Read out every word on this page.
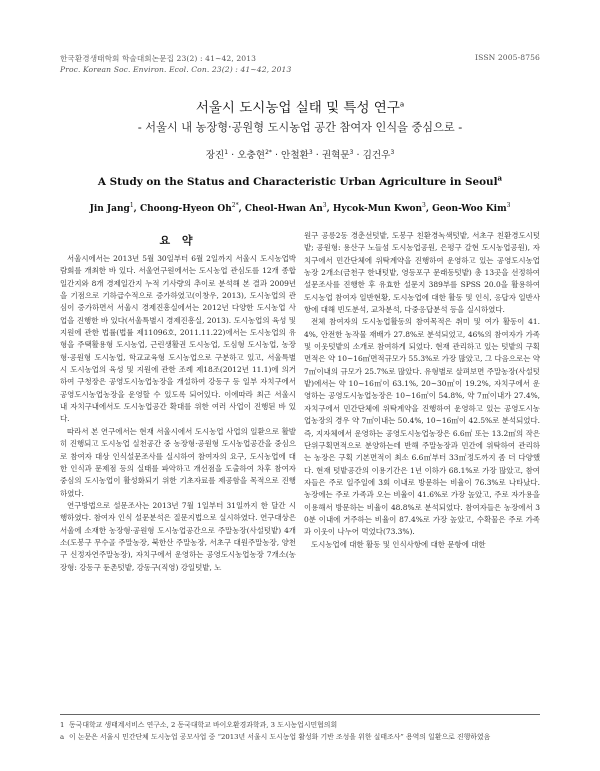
한국환경생태학회 학술대회논문집 23(2) : 41~42, 2013
Proc. Korean Soc. Environ. Ecol. Con. 23(2) : 41~42, 2013
ISSN 2005-8756
서울시 도시농업 실태 및 특성 연구$^a$
- 서울시 내 농장형·공원형 도시농업 공간 참여자 인식을 중심으로 -
장진$^1$ · 오충현$^{2*}$ · 안철환$^3$ · 권혁문$^3$ · 김건우$^3$
A Study on the Status and Characteristic Urban Agriculture in Seoul$^a$
Jin Jang$^1$, Choong-Hyeon $Oh^{2*}$, Cheol-Hwan An$^3$, Hycok-Mun Kwon$^3$, Geon-Woo Kim$^3$
요 약

서울시에서는 2013년 5월 30일부터 6월 2일까지 서울시 도시농업박람회를 개최한 바 있다. 서울연구원에서는 도시농업 관심도를 12개 종합일간지와 8개 경제일간지 누적 기사량의 추이로 분석해 본 결과 2009년을 기점으로 기하급수적으로 증가하였고(이창우, 2013), 도시농업의 관심이 증가하면서 서울시 경제진흥실에서는 2012년 다양한 도시농업 사업을 진행한 바 있다(서울특별시 경제진흥실, 2013). 도시농업의 육성 및 지원에 관한 법률(법률 제11096호, 2011.11.22)에서는 도시농업의 유형을 주택활용형 도시농업, 근린생활권 도시농업, 도심형 도시농업, 농장형·공원형 도시농업, 학교교육형 도시농업으로 구분하고 있고, 서울특별시 도시농업의 육성 및 지원에 관한 조례 제18조(2012년 11.1)에 의거하여 구청장은 공영도시농업농장을 개설하여 강동구 등 일부 자치구에서 공영도시농업농장을 운영할 수 있도록 되어있다. 이에따라 최근 서울시 내 자치구내에서도 도시농업공간 확대를 위한 여러 사업이 진행된 바 있다.

따라서 본 연구에서는 현재 서울시에서 도시농업 사업의 일환으로 활발히 진행되고 도시농업 실천공간 중 농장형·공원형 도시농업공간을 중심으로 참여자 대상 인식설문조사를 실시하여 참여자의 요구, 도시농업에 대한 인식과 문제점 등의 실태를 파악하고 개선점을 도출하여 차후 참여자중심의 도시농업이 활성화되기 위한 기초자료를 제공함을 목적으로 진행하였다.

연구방법으로 설문조사는 2013년 7월 1일부터 31일까지 한 달간 시행하였다. 참여자 인식 설문분석은 질문지법으로 실시하였다. 연구대상은 서울에 소재한 농장형·공원형 도시농업공간으로 주말농장(사설텃밭) 4개소(도봉구 무수골 주말농장, 북한산 주말농장, 서초구 대원주말농장, 양천구 신정자연주말농장), 자치구에서 운영하는 공영도시농업농장 7개소(농장형: 강동구 둔촌텃밭, 강동구(직영) 강일텃밭, 노

원구 공릉2동 경춘선텃밭, 도봉구 친환경녹색텃밭, 서초구 친환경도시텃밭; 공원형: 용산구 노들섬 도시농업공원, 은평구 갈현 도시농업공원), 자치구에서 민간단체에 위탁계약을 진행하여 운영하고 있는 공영도시농업농장 2개소(금천구 한내텃밭, 영등포구 문래동텃밭) 총 13곳을 선정하여 설문조사를 진행한 후 유효한 설문지 389부를 SPSS 20.0을 활용하여 도시농업 참여자 일반현황, 도시농업에 대한 활동 및 인식, 응답자 일반사항에 대해 빈도분석, 교차분석, 다중응답분석 등을 실시하였다.

전체 참여자의 도시농업활동의 참여목적은 취미 및 여가 활동이 41.4%, 안전한 농작물 재배가 27.8%로 분석되었고, 46%의 참여자가 가족 및 이웃텃밭의 소개로 참여하게 되었다. 현재 관리하고 있는 텃밭의 구획면적은 약 10~16㎡면적규모가 55.3%로 가장 많았고, 그 다음으로는 약 7㎡이내의 규모가 25.7%로 많았다. 유형별로 살펴보면 주말농장(사설텃밭)에서는 약 10~16㎡이 63.1%, 20~30㎡이 19.2%, 자치구에서 운영하는 공영도시농업농장은 10~16㎡이 54.8%, 약 7㎡이내가 27.4%, 자치구에서 민간단체에 위탁계약을 진행하여 운영하고 있는 공영도시농업농장의 경우 약 7㎡이내는 50.4%, 10~16㎡이 42.5%로 분석되었다. 즉, 지자체에서 운영하는 공영도시농업농장은 6.6㎡ 또는 13.2㎡의 작은 단위구획면적으로 분양하는데 반해 주말농장과 민간에 위탁하여 관리하는 농장은 구획 기본면적이 최소 6.6㎡부터 33㎡정도까지 좀 더 다양했다. 현재 텃밭공간의 이용기간은 1년 이하가 68.1%로 가장 많았고, 참여자들은 주로 일주일에 3회 이내로 방문하는 비율이 76.3%로 나타났다. 농장에는 주로 가족과 오는 비율이 41.6%로 가장 높았고, 주로 자가용을 이용해서 방문하는 비율이 48.8%로 분석되었다. 참여자들은 농장에서 30분 이내에 거주하는 비율이 87.4%로 가장 높았고, 수확물은 주로 가족과 이웃이 나누어 먹었다(73.3%).

도시농업에 대한 활동 및 인식사항에 대한 문항에 대한

1 동국대학교 생태계서비스 연구소, 2 동국대학교 바이오환경과학과, 3 도시농업시민협의회
a 이 논문은 서울시 민간단체 도시농업 공모사업 중 “2013년 서울시 도시농업 활성화 기반 조성을 위한 실태조사” 용역의 일환으로 진행하였음
